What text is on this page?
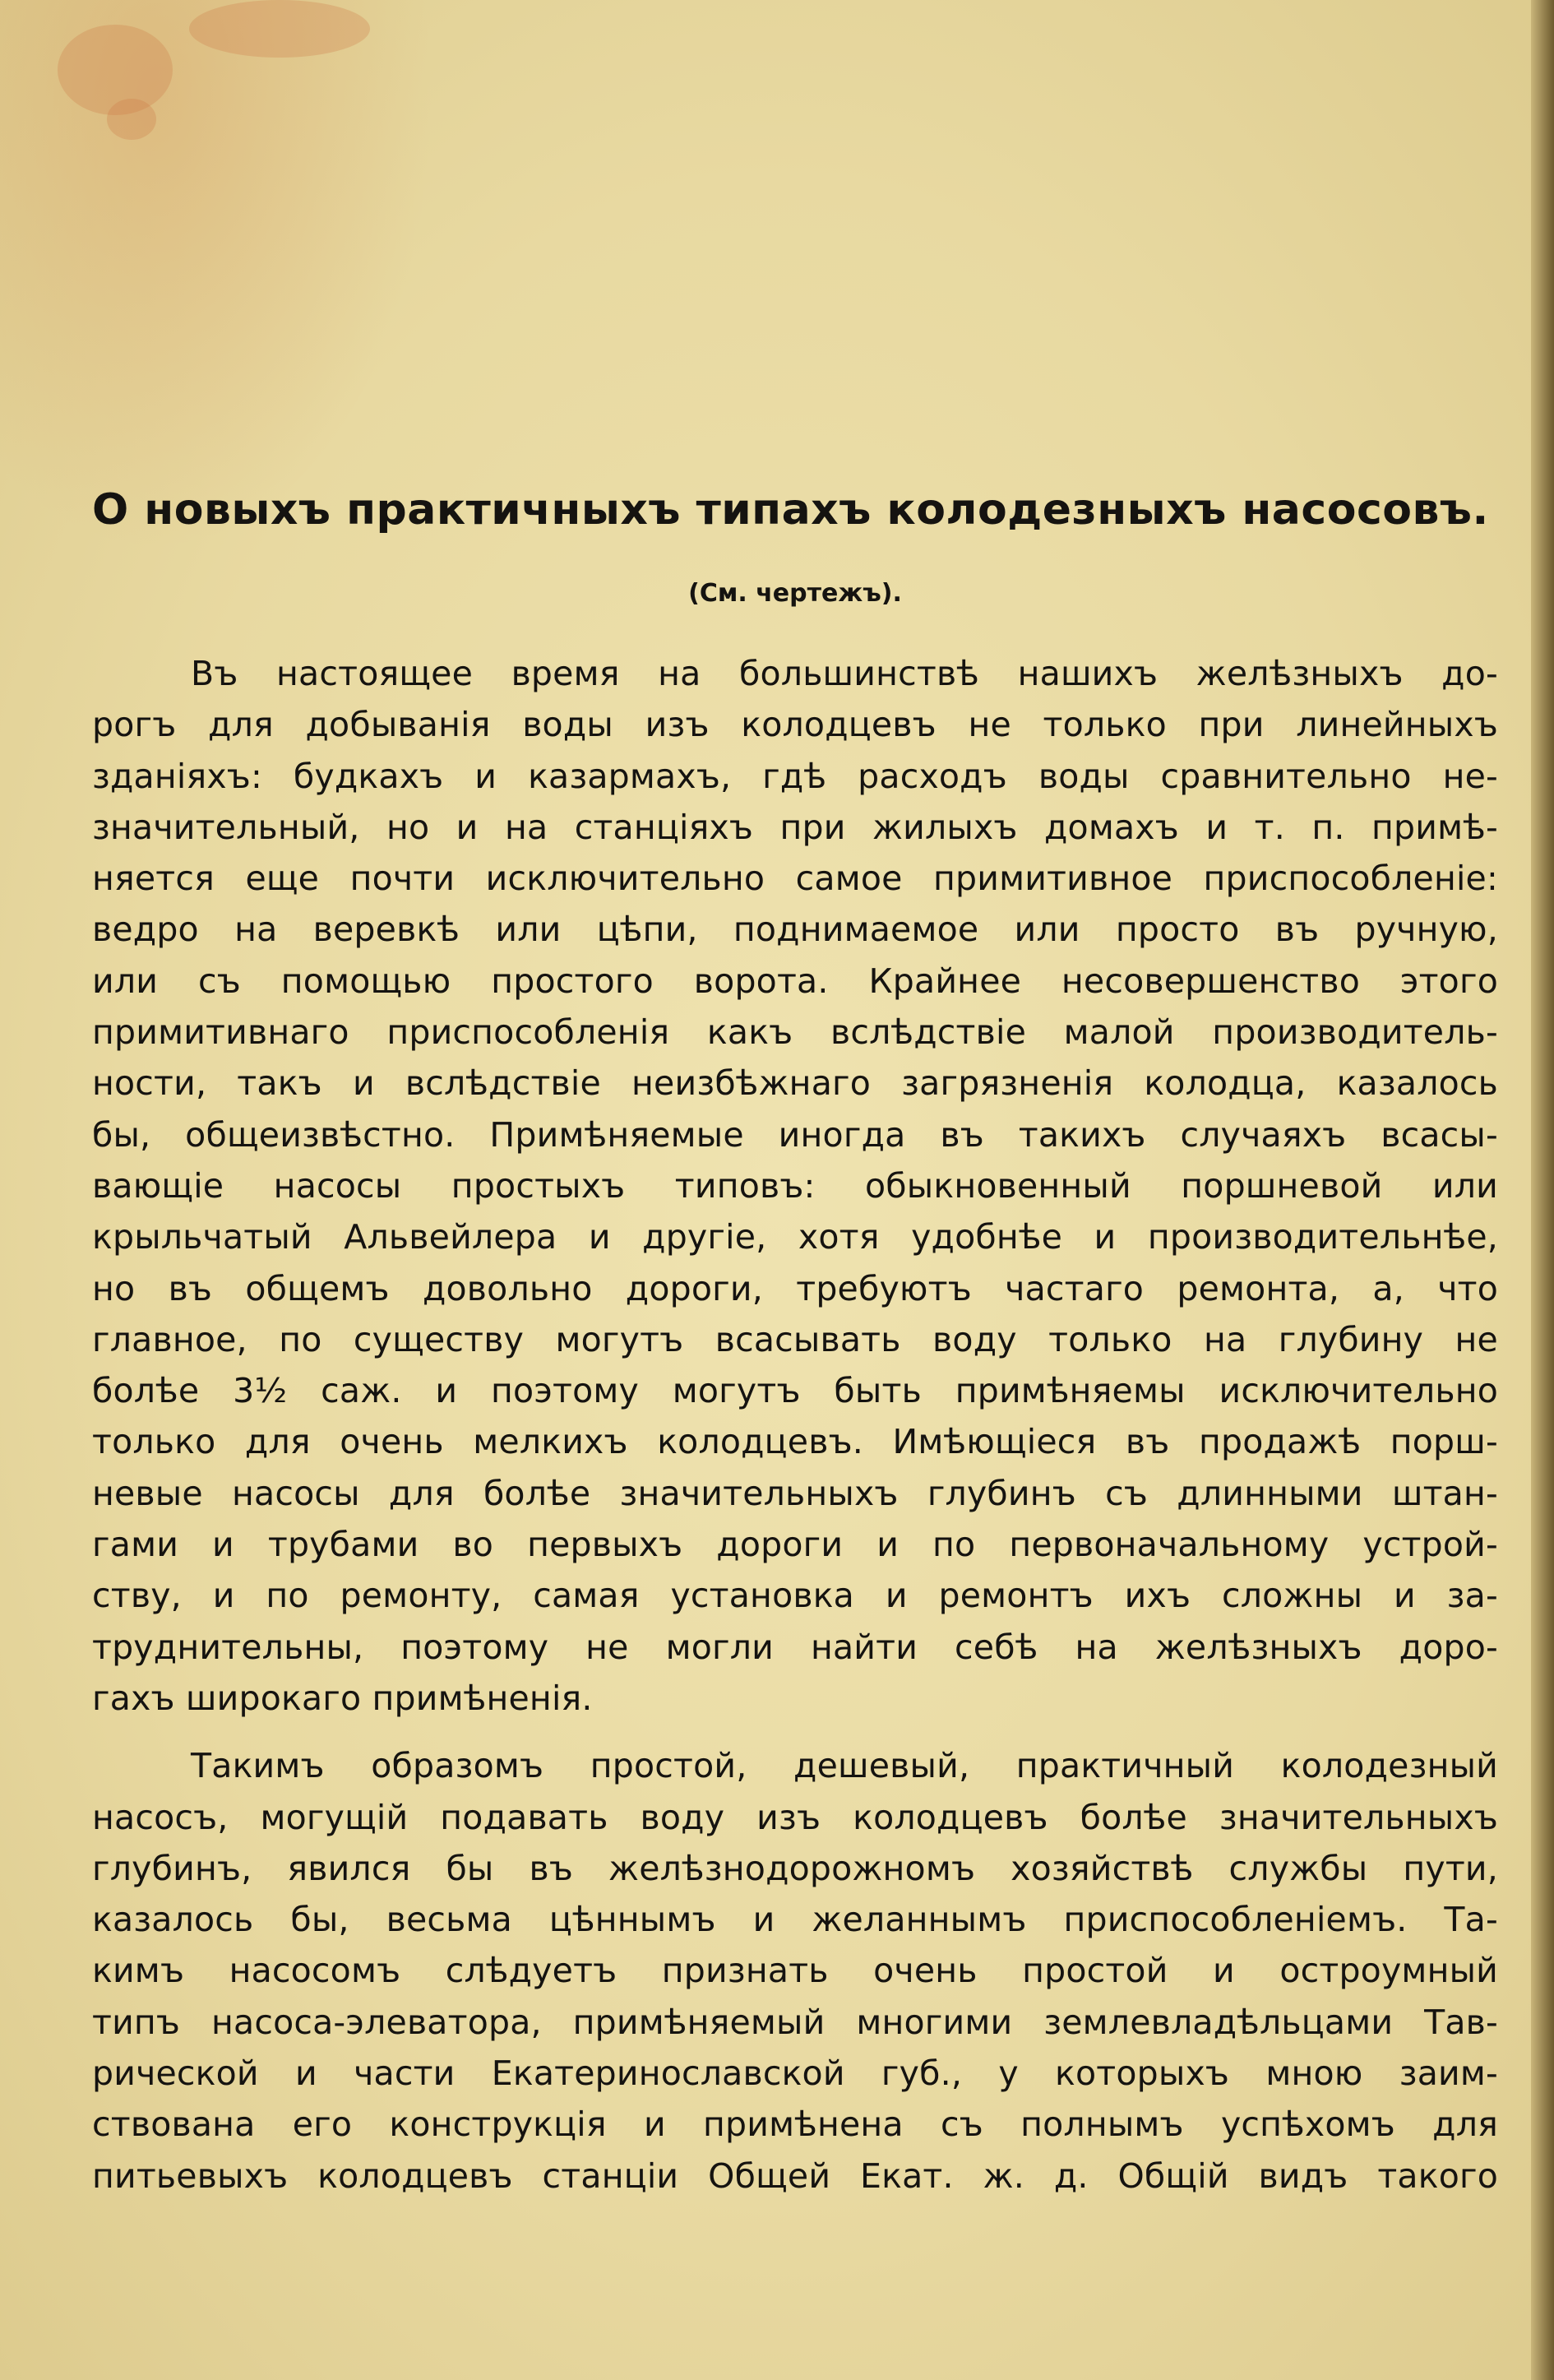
О новыхъ практичныхъ типахъ колодезныхъ насосовъ.
(См. чертежъ).

Въ настоящее время на большинствѣ нашихъ желѣзныхъ до-
рогъ для добыванія воды изъ колодцевъ не только при линейныхъ
зданіяхъ: будкахъ и казармахъ, гдѣ расходъ воды сравнительно не-
значительный, но и на станціяхъ при жилыхъ домахъ и т. п. примѣ-
няется еще почти исключительно самое примитивное приспособленіе:
ведро на веревкѣ или цѣпи, поднимаемое или просто въ ручную,
или съ помощью простого ворота. Крайнее несовершенство этого
примитивнаго приспособленія какъ вслѣдствіе малой производитель-
ности, такъ и вслѣдствіе неизбѣжнаго загрязненія колодца, казалось
бы, общеизвѣстно. Примѣняемые иногда въ такихъ случаяхъ всасы-
вающіе насосы простыхъ типовъ: обыкновенный поршневой или
крыльчатый Альвейлера и другіе, хотя удобнѣе и производительнѣе,
но въ общемъ довольно дороги, требуютъ частаго ремонта, а, что
главное, по существу могутъ всасывать воду только на глубину не
болѣе 3½ саж. и поэтому могутъ быть примѣняемы исключительно
только для очень мелкихъ колодцевъ. Имѣющіеся въ продажѣ порш-
невые насосы для болѣе значительныхъ глубинъ съ длинными штан-
гами и трубами во первыхъ дороги и по первоначальному устрой-
ству, и по ремонту, самая установка и ремонтъ ихъ сложны и за-
труднительны, поэтому не могли найти себѣ на желѣзныхъ доро-
гахъ широкаго примѣненія.

Такимъ образомъ простой, дешевый, практичный колодезный
насосъ, могущій подавать воду изъ колодцевъ болѣе значительныхъ
глубинъ, явился бы въ желѣзнодорожномъ хозяйствѣ службы пути,
казалось бы, весьма цѣннымъ и желаннымъ приспособленіемъ. Та-
кимъ насосомъ слѣдуетъ признать очень простой и остроумный
типъ насоса-элеватора, примѣняемый многими землевладѣльцами Тав-
рической и части Екатеринославской губ., у которыхъ мною заим-
ствована его конструкція и примѣнена съ полнымъ успѣхомъ для
питьевыхъ колодцевъ станціи Общей Екат. ж. д. Общій видъ такого
